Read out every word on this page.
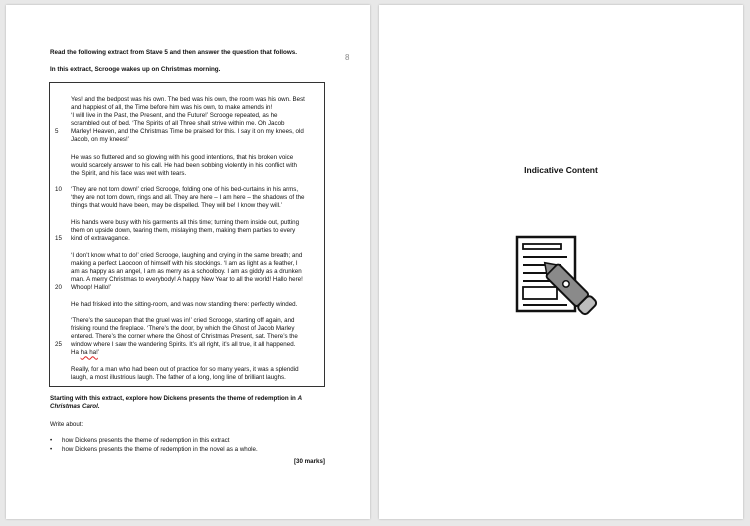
8
Read the following extract from Stave 5 and then answer the question that follows.
In this extract, Scrooge wakes up on Christmas morning.
Yes! and the bedpost was his own. The bed was his own, the room was his own. Best
and happiest of all, the Time before him was his own, to make amends in!
‘I will live in the Past, the Present, and the Future!’ Scrooge repeated, as he
scrambled out of bed. ‘The Spirits of all Three shall strive within me. Oh Jacob
Marley! Heaven, and the Christmas Time be praised for this. I say it on my knees, old
Jacob, on my knees!’
He was so fluttered and so glowing with his good intentions, that his broken voice
would scarcely answer to his call. He had been sobbing violently in his conflict with
the Spirit, and his face was wet with tears.
‘They are not torn down!’ cried Scrooge, folding one of his bed-curtains in his arms,
‘they are not torn down, rings and all. They are here – I am here – the shadows of the
things that would have been, may be dispelled. They will be! I know they will.’
His hands were busy with his garments all this time; turning them inside out, putting
them on upside down, tearing them, mislaying them, making them parties to every
kind of extravagance.
‘I don’t know what to do!’ cried Scrooge, laughing and crying in the same breath; and
making a perfect Laocoon of himself with his stockings. ‘I am as light as a feather, I
am as happy as an angel, I am as merry as a schoolboy. I am as giddy as a drunken
man. A merry Christmas to everybody! A happy New Year to all the world! Hallo here!
Whoop! Hallo!’
He had frisked into the sitting-room, and was now standing there: perfectly winded.
‘There’s the saucepan that the gruel was in!’ cried Scrooge, starting off again, and
frisking round the fireplace. ‘There’s the door, by which the Ghost of Jacob Marley
entered. There’s the corner where the Ghost of Christmas Present, sat. There’s the
window where I saw the wandering Spirits. It’s all right, it’s all true, it all happened.
Ha ha ha!’
Really, for a man who had been out of practice for so many years, it was a splendid
laugh, a most illustrious laugh. The father of a long, long line of brilliant laughs.
5
10
15
20
25
Starting with this extract, explore how Dickens presents the theme of redemption in A
Christmas Carol.
Write about:
• how Dickens presents the theme of redemption in this extract
• how Dickens presents the theme of redemption in the novel as a whole.
[30 marks]
Indicative Content
